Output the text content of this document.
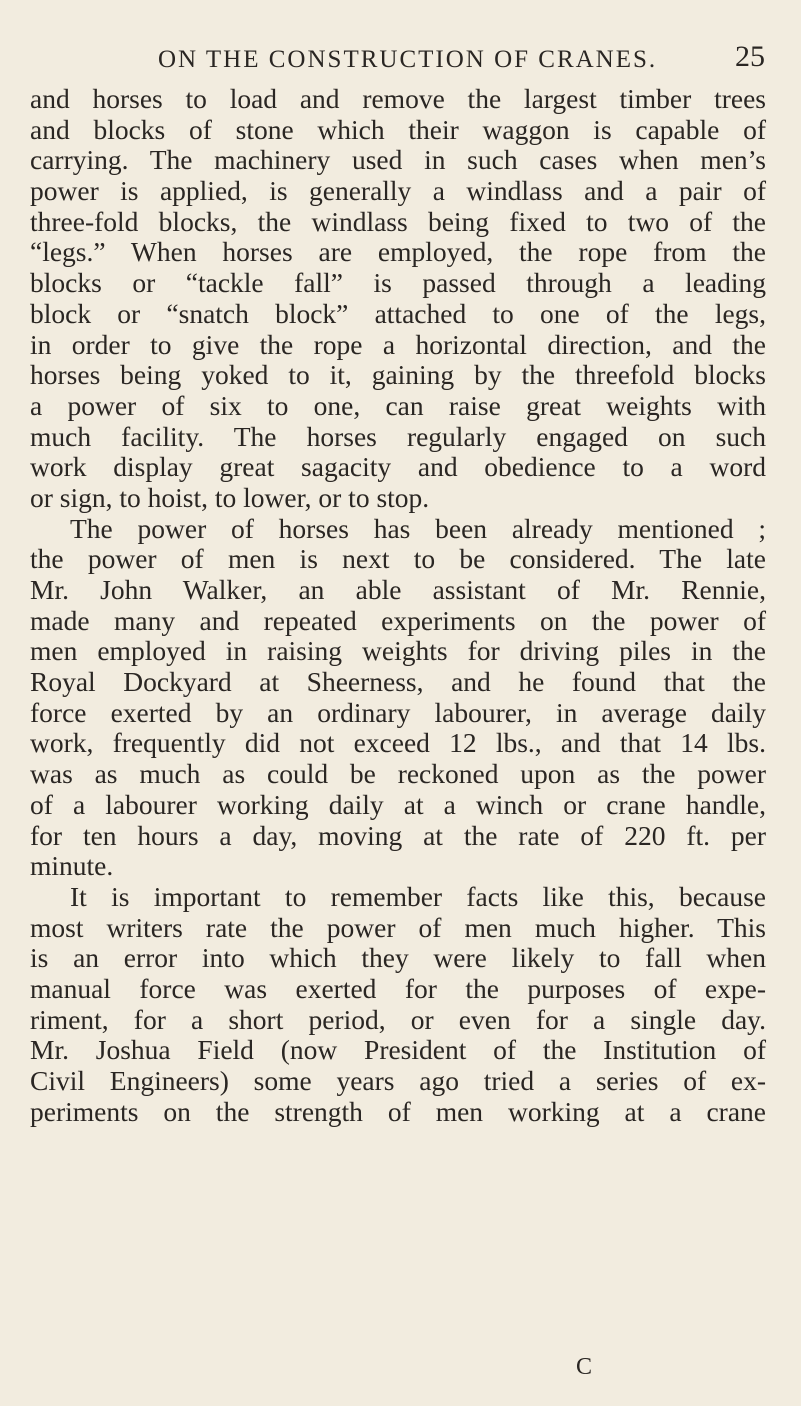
ON THE CONSTRUCTION OF CRANES.	25
and horses to load and remove the largest timber trees
and blocks of stone which their waggon is capable of
carrying. The machinery used in such cases when men’s
power is applied, is generally a windlass and a pair of
three-fold blocks, the windlass being fixed to two of the
“legs.” When horses are employed, the rope from the
blocks or “tackle fall” is passed through a leading
block or “snatch block” attached to one of the legs,
in order to give the rope a horizontal direction, and the
horses being yoked to it, gaining by the threefold blocks
a power of six to one, can raise great weights with
much facility. The horses regularly engaged on such
work display great sagacity and obedience to a word
or sign, to hoist, to lower, or to stop.
The power of horses has been already mentioned ;
the power of men is next to be considered. The late
Mr. John Walker, an able assistant of Mr. Rennie,
made many and repeated experiments on the power of
men employed in raising weights for driving piles in the
Royal Dockyard at Sheerness, and he found that the
force exerted by an ordinary labourer, in average daily
work, frequently did not exceed 12 lbs., and that 14 lbs.
was as much as could be reckoned upon as the power
of a labourer working daily at a winch or crane handle,
for ten hours a day, moving at the rate of 220 ft. per
minute.
It is important to remember facts like this, because
most writers rate the power of men much higher. This
is an error into which they were likely to fall when
manual force was exerted for the purposes of expe-
riment, for a short period, or even for a single day.
Mr. Joshua Field (now President of the Institution of
Civil Engineers) some years ago tried a series of ex-
periments on the strength of men working at a crane
C
